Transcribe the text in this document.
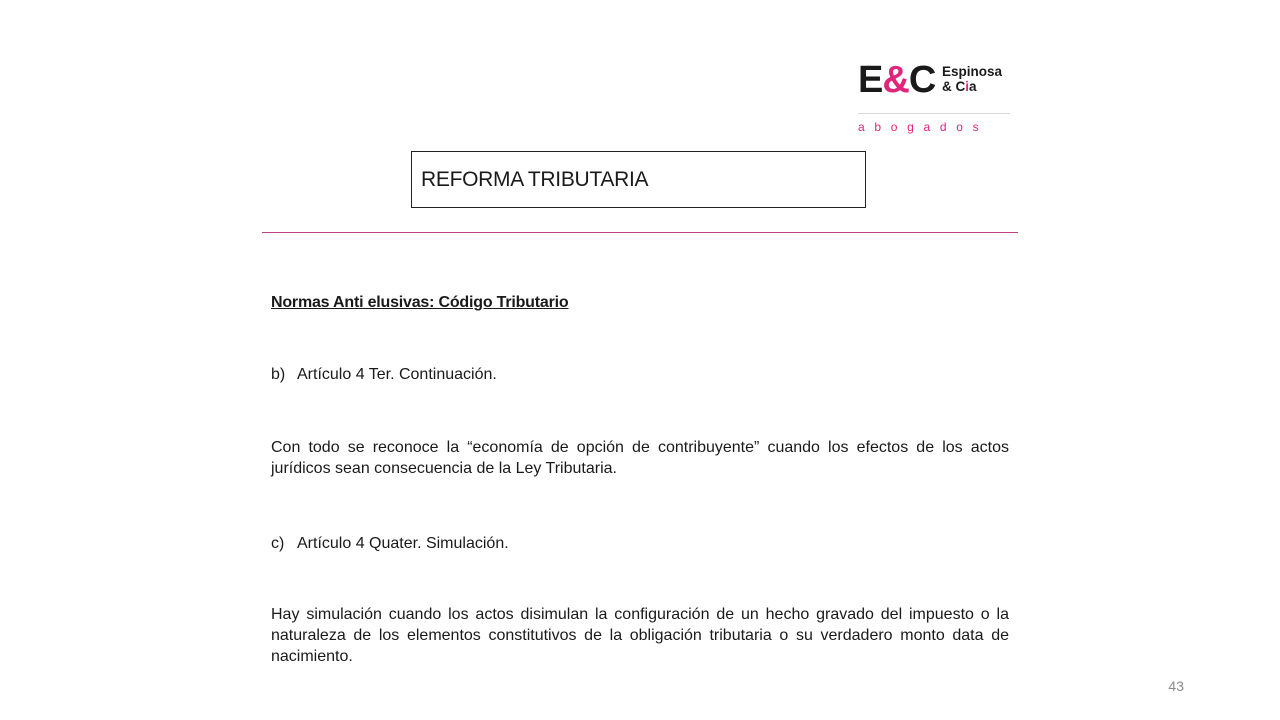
E&C Espinosa
& Cia
abogados
REFORMA TRIBUTARIA
Normas Anti elusivas: Código Tributario
b) Artículo 4 Ter. Continuación.
Con todo se reconoce la “economía de opción de contribuyente” cuando los efectos de los actos jurídicos sean consecuencia de la Ley Tributaria.
c) Artículo 4 Quater. Simulación.
Hay simulación cuando los actos disimulan la configuración de un hecho gravado del impuesto o la naturaleza de los elementos constitutivos de la obligación tributaria o su verdadero monto data de nacimiento.
43
